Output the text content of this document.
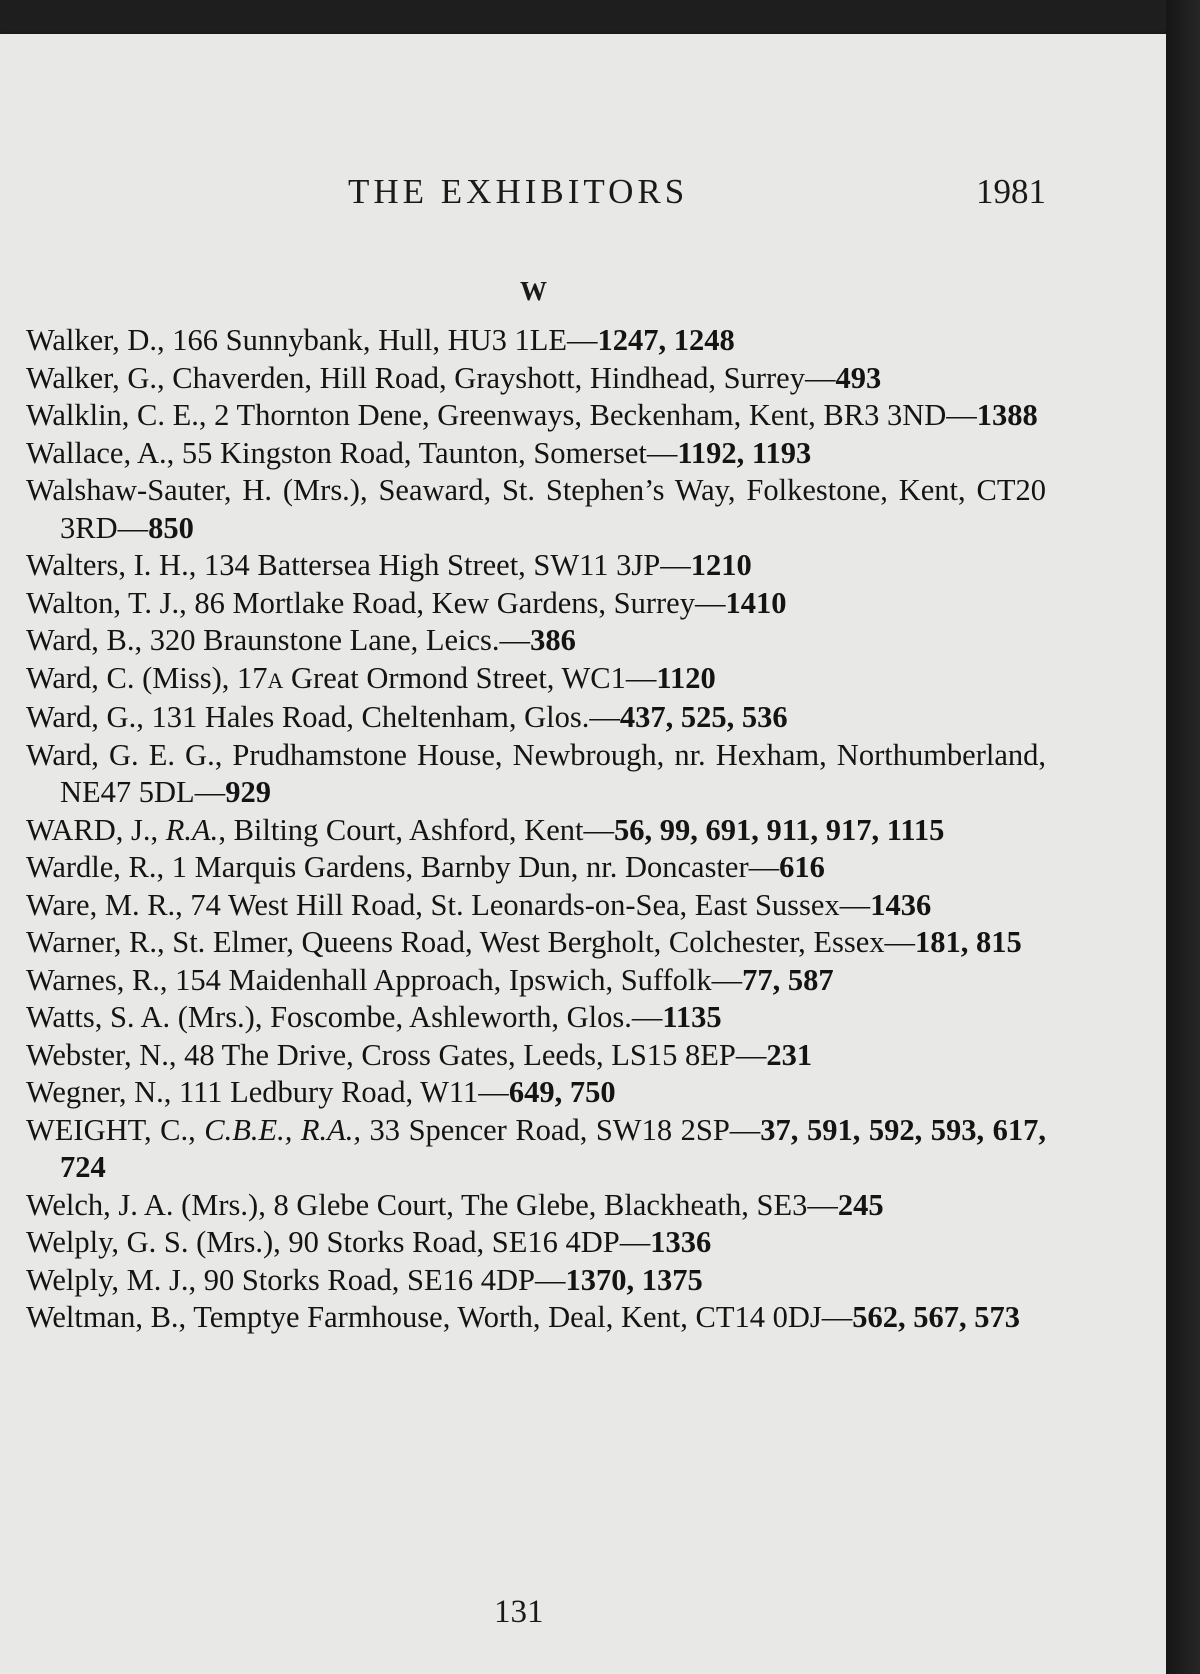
THE EXHIBITORS	1981
W
Walker, D., 166 Sunnybank, Hull, HU3 1LE—1247, 1248
Walker, G., Chaverden, Hill Road, Grayshott, Hindhead, Surrey—493
Walklin, C. E., 2 Thornton Dene, Greenways, Beckenham, Kent, BR3 3ND—1388
Wallace, A., 55 Kingston Road, Taunton, Somerset—1192, 1193
Walshaw-Sauter, H. (Mrs.), Seaward, St. Stephen’s Way, Folkestone, Kent, CT20 3RD—850
Walters, I. H., 134 Battersea High Street, SW11 3JP—1210
Walton, T. J., 86 Mortlake Road, Kew Gardens, Surrey—1410
Ward, B., 320 Braunstone Lane, Leics.—386
Ward, C. (Miss), 17A Great Ormond Street, WC1—1120
Ward, G., 131 Hales Road, Cheltenham, Glos.—437, 525, 536
Ward, G. E. G., Prudhamstone House, Newbrough, nr. Hexham, Northumberland, NE47 5DL—929
WARD, J., R.A., Bilting Court, Ashford, Kent—56, 99, 691, 911, 917, 1115
Wardle, R., 1 Marquis Gardens, Barnby Dun, nr. Doncaster—616
Ware, M. R., 74 West Hill Road, St. Leonards-on-Sea, East Sussex—1436
Warner, R., St. Elmer, Queens Road, West Bergholt, Colchester, Essex—181, 815
Warnes, R., 154 Maidenhall Approach, Ipswich, Suffolk—77, 587
Watts, S. A. (Mrs.), Foscombe, Ashleworth, Glos.—1135
Webster, N., 48 The Drive, Cross Gates, Leeds, LS15 8EP—231
Wegner, N., 111 Ledbury Road, W11—649, 750
WEIGHT, C., C.B.E., R.A., 33 Spencer Road, SW18 2SP—37, 591, 592, 593, 617, 724
Welch, J. A. (Mrs.), 8 Glebe Court, The Glebe, Blackheath, SE3—245
Welply, G. S. (Mrs.), 90 Storks Road, SE16 4DP—1336
Welply, M. J., 90 Storks Road, SE16 4DP—1370, 1375
Weltman, B., Temptye Farmhouse, Worth, Deal, Kent, CT14 0DJ—562, 567, 573
131
